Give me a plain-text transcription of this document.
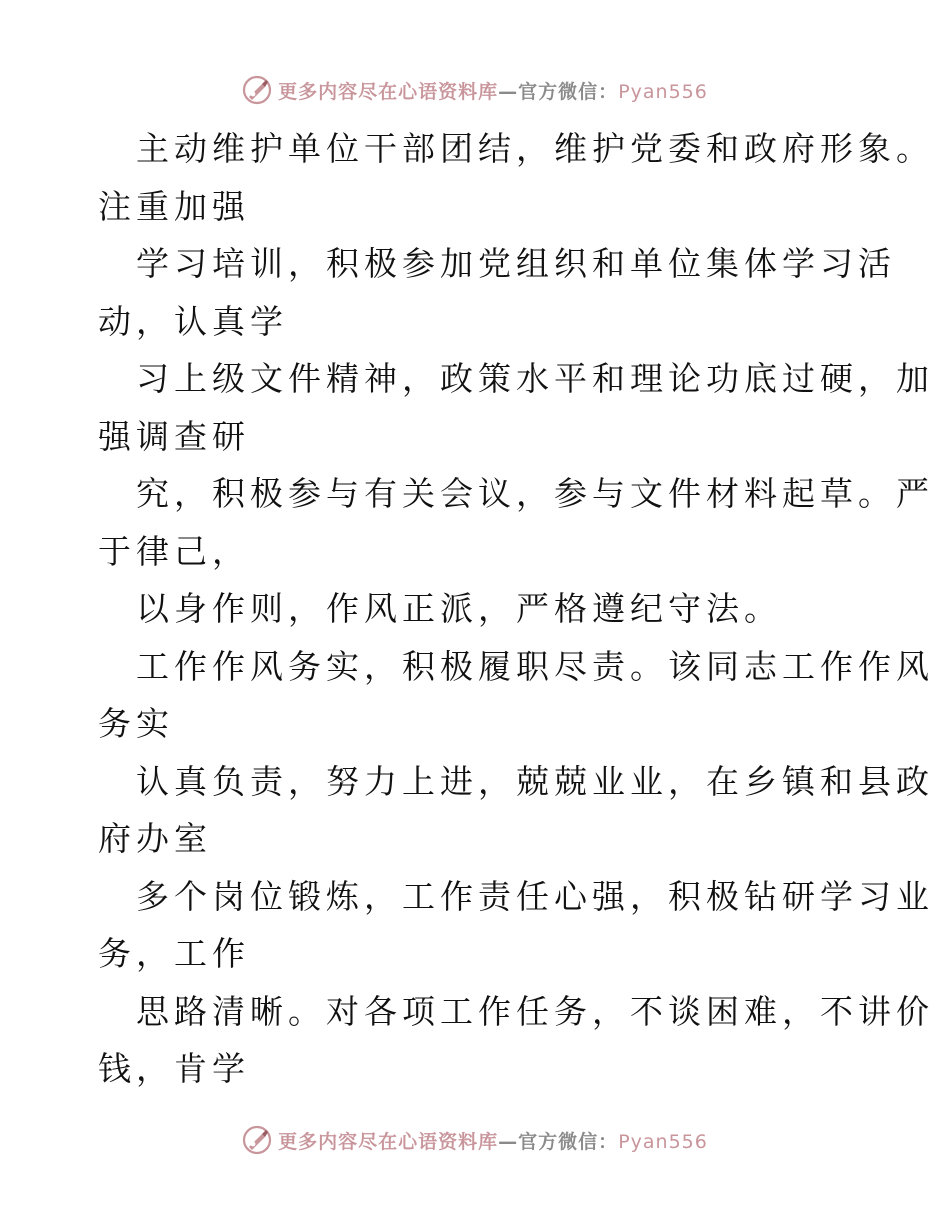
更多内容尽在心语资料库—官方微信：Pyan556
主动维护单位干部团结，维护党委和政府形象。
注重加强
学习培训，积极参加党组织和单位集体学习活
动，认真学
习上级文件精神，政策水平和理论功底过硬，加
强调查研
究，积极参与有关会议，参与文件材料起草。严
于律己，
以身作则，作风正派，严格遵纪守法。
工作作风务实，积极履职尽责。该同志工作作风
务实
认真负责，努力上进，兢兢业业，在乡镇和县政
府办室
多个岗位锻炼，工作责任心强，积极钻研学习业
务，工作
思路清晰。对各项工作任务，不谈困难，不讲价
钱，肯学
更多内容尽在心语资料库—官方微信：Pyan556
